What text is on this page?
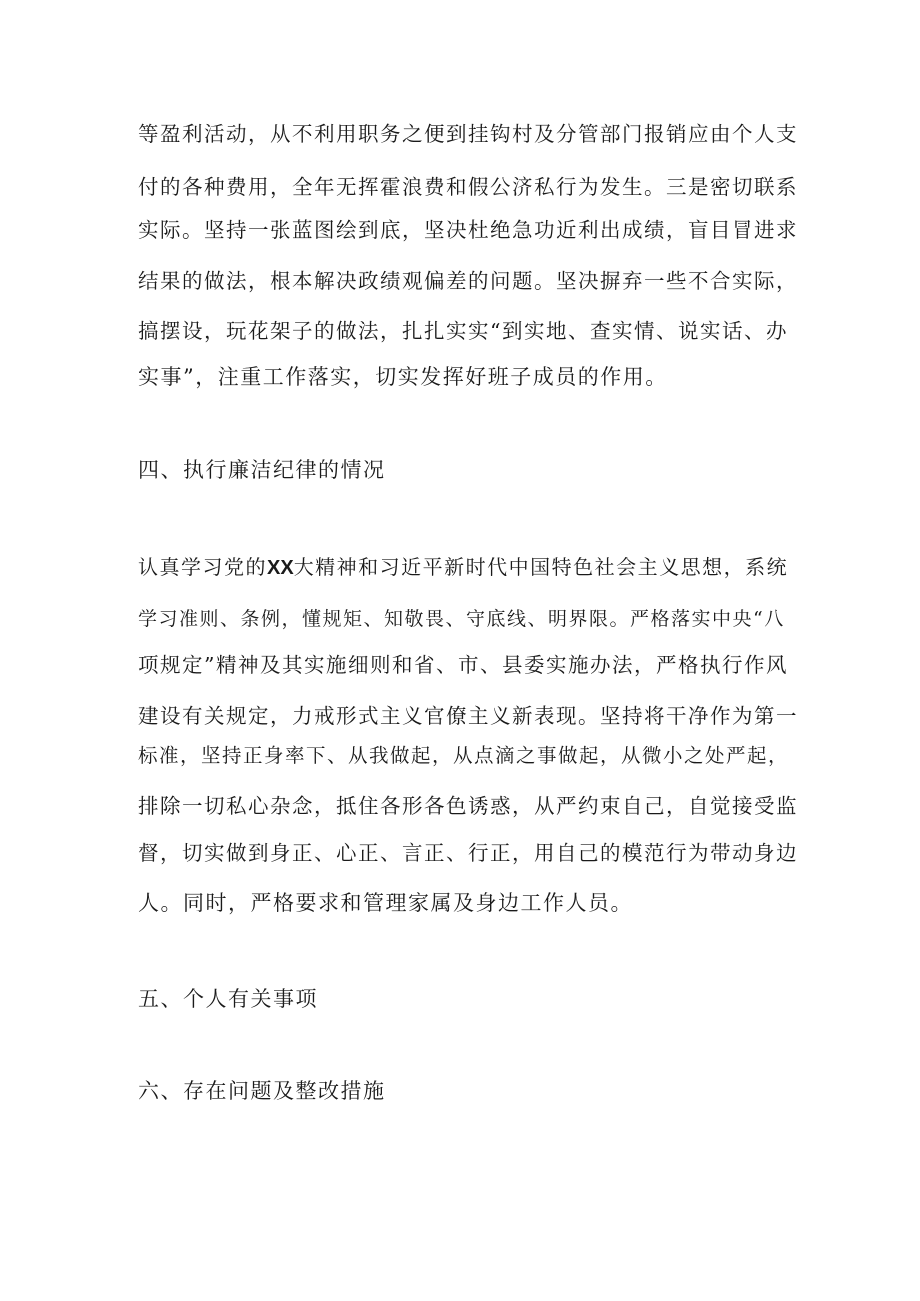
等盈利活动，从不利用职务之便到挂钩村及分管部门报销应由个人支
付的各种费用，全年无挥霍浪费和假公济私行为发生。三是密切联系
实际。坚持一张蓝图绘到底，坚决杜绝急功近利出成绩，盲目冒进求
结果的做法，根本解决政绩观偏差的问题。坚决摒弃一些不合实际，
搞摆设，玩花架子的做法，扎扎实实“到实地、查实情、说实话、办
实事”，注重工作落实，切实发挥好班子成员的作用。
四、执行廉洁纪律的情况
认真学习党的XX大精神和习近平新时代中国特色社会主义思想，系统
学习准则、条例，懂规矩、知敬畏、守底线、明界限。严格落实中央“八
项规定”精神及其实施细则和省、市、县委实施办法，严格执行作风
建设有关规定，力戒形式主义官僚主义新表现。坚持将干净作为第一
标准，坚持正身率下、从我做起，从点滴之事做起，从微小之处严起，
排除一切私心杂念，抵住各形各色诱惑，从严约束自己，自觉接受监
督，切实做到身正、心正、言正、行正，用自己的模范行为带动身边
人。同时，严格要求和管理家属及身边工作人员。
五、个人有关事项
六、存在问题及整改措施
